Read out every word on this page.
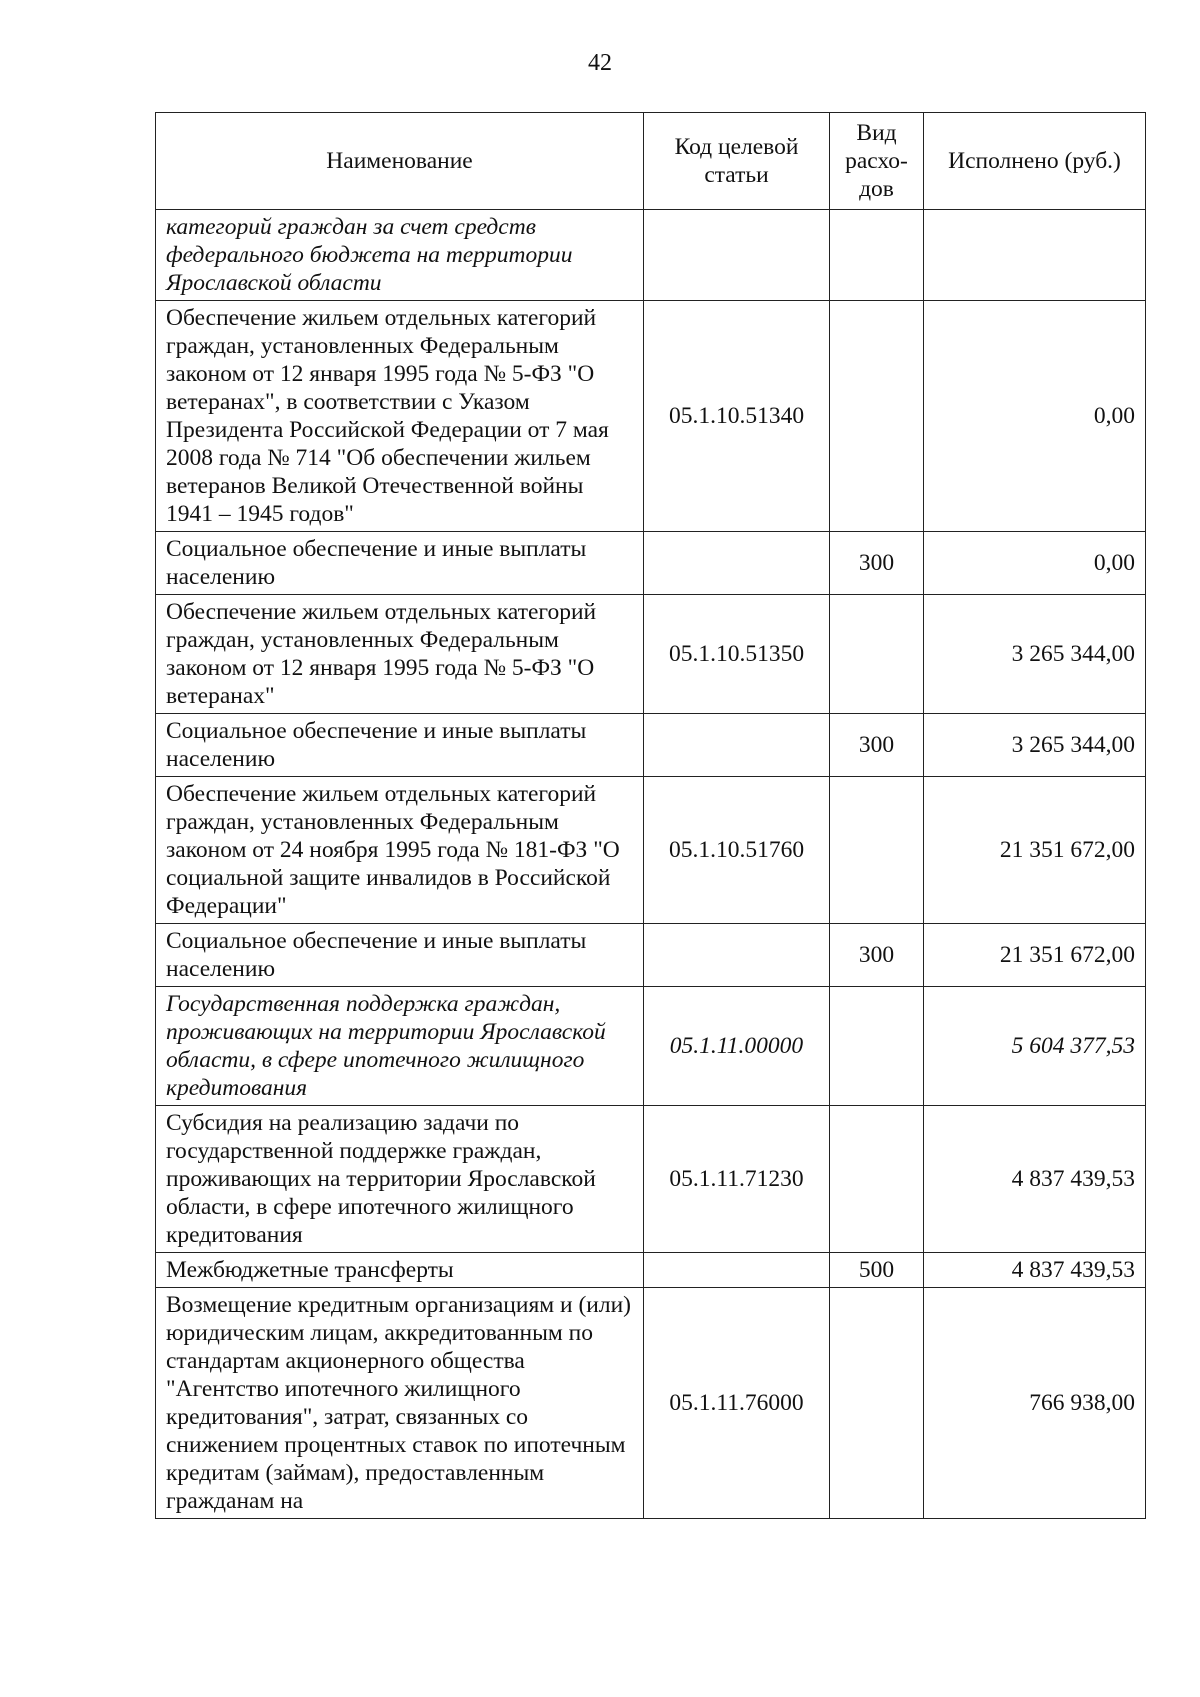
42
Наименование	Код целевой статьи	Вид расхо-дов	Исполнено (руб.)
категорий граждан за счет средств федерального бюджета на территории Ярославской области			
Обеспечение жильем отдельных категорий граждан, установленных Федеральным законом от 12 января 1995 года № 5-ФЗ "О ветеранах", в соответствии с Указом Президента Российской Федерации от 7 мая 2008 года № 714 "Об обеспечении жильем ветеранов Великой Отечественной войны 1941 – 1945 годов"	05.1.10.51340		0,00
Социальное обеспечение и иные выплаты населению		300	0,00
Обеспечение жильем отдельных категорий граждан, установленных Федеральным законом от 12 января 1995 года № 5-ФЗ "О ветеранах"	05.1.10.51350		3 265 344,00
Социальное обеспечение и иные выплаты населению		300	3 265 344,00
Обеспечение жильем отдельных категорий граждан, установленных Федеральным законом от 24 ноября 1995 года № 181-ФЗ "О социальной защите инвалидов в Российской Федерации"	05.1.10.51760		21 351 672,00
Социальное обеспечение и иные выплаты населению		300	21 351 672,00
Государственная поддержка граждан, проживающих на территории Ярославской области, в сфере ипотечного жилищного кредитования	05.1.11.00000		5 604 377,53
Субсидия на реализацию задачи по государственной поддержке граждан, проживающих на территории Ярославской области, в сфере ипотечного жилищного кредитования	05.1.11.71230		4 837 439,53
Межбюджетные трансферты		500	4 837 439,53
Возмещение кредитным организациям и (или) юридическим лицам, аккредитованным по стандартам акционерного общества "Агентство ипотечного жилищного кредитования", затрат, связанных со снижением процентных ставок по ипотечным кредитам (займам), предоставленным гражданам на	05.1.11.76000		766 938,00
